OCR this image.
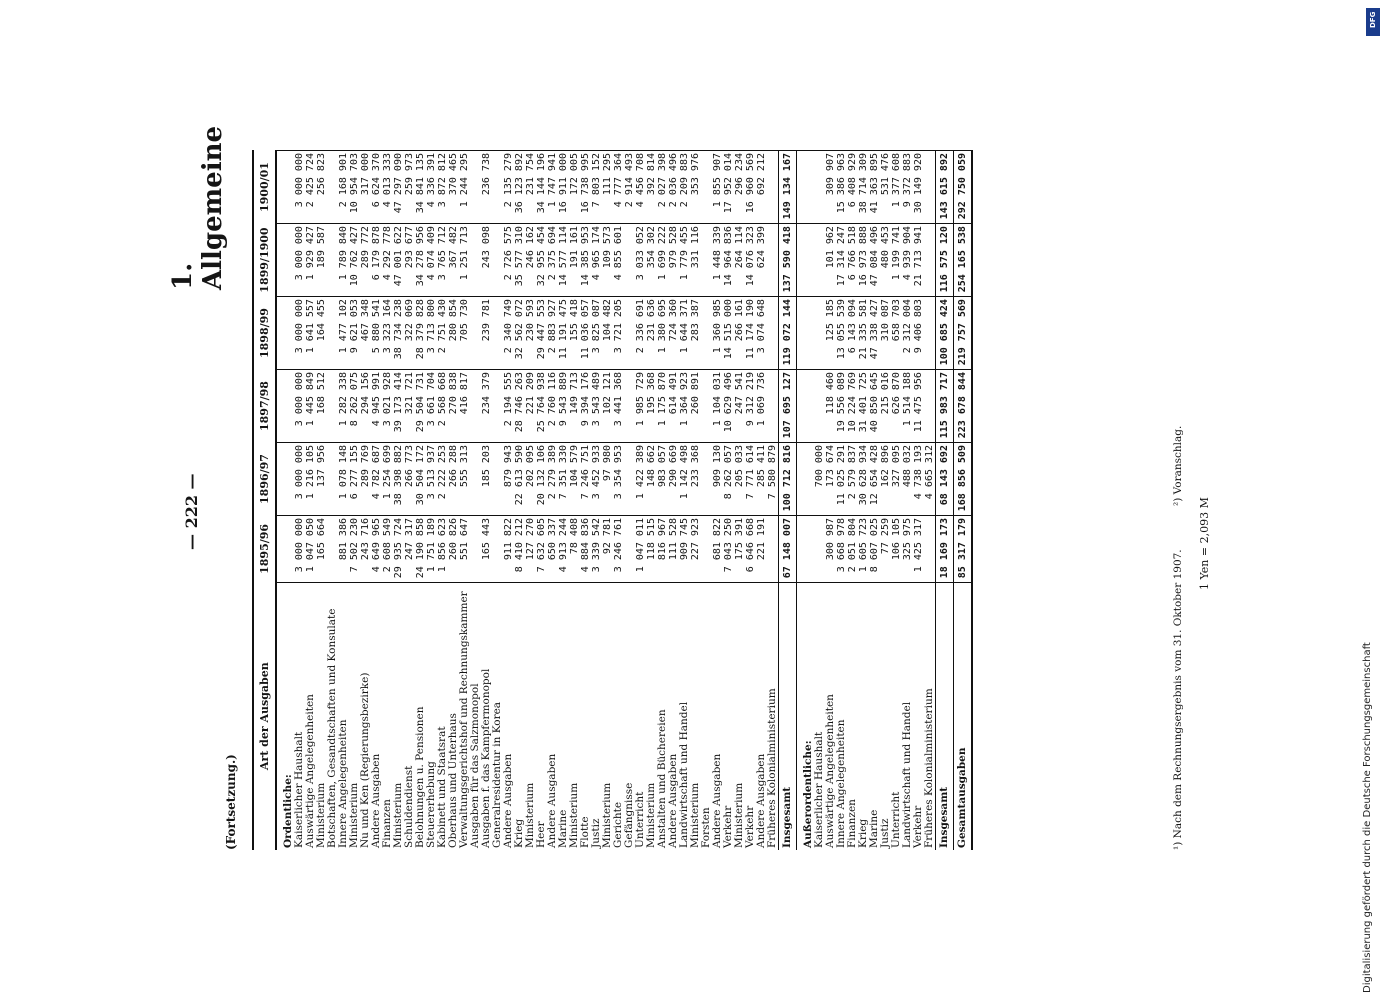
— 222 —
1. Allgemeine
(Fortsetzung.)
Art der Ausgaben	1895/96	1896/97	1897/98	1898/99	1899/1900	1900/01
Ordentliche:						
Kaiserlicher Haushalt	3 000 000	3 000 000	3 000 000	3 000 000	3 000 000	3 000 000
Auswärtige Angelegenheiten	1 047 050	1 216 105	1 445 849	1 641 557	1 929 427	2 425 724
Ministerium	165 664	137 956	168 512	164 455	189 587	256 823
Botschaften, Gesandtschaften und Konsulate						
Innere Angelegenheiten	881 386	1 078 148	1 282 338	1 477 102	1 789 840	2 168 901
Ministerium	7 502 230	6 277 155	8 262 075	9 621 053	10 762 427	10 954 703
Nu und Ken (Regierungsbezirke)	243 716	289 769	294 156	467 348	289 772	317 000
Andere Ausgaben	4 649 965	4 782 687	4 945 991	5 880 541	6 179 878	6 624 370
Finanzen	2 608 549	1 254 699	3 021 928	3 323 164	4 292 778	4 013 333
Ministerium	29 935 724	38 398 882	39 173 414	38 734 238	47 001 622	47 297 090
Schuldendienst	247 317	266 773	321 721	322 069	293 677	259 973
Belohnungen u. Pensionen	24 190 858	30 504 172	29 504 731	28 379 828	34 278 956	34 841 135
Steuererhebung	1 751 189	3 513 937	3 661 704	3 713 800	4 074 409	4 336 391
Kabinett und Staatsrat	1 856 623	2 222 253	2 568 668	2 751 430	3 765 712	3 872 812
Oberhaus und Unterhaus	260 826	266 288	270 838	280 854	367 482	370 465
Verwaltungsgerichtshof und Rechnungskammer	551 647	555 313	416 817	705 730	1 251 713	1 244 295
Ausgaben für das Salzmonopol						
Ausgaben f. das Kampfermonopol	165 443	185 203	234 379	239 781	243 098	236 738
Generalresidentur in Korea						
Andere Ausgaben	911 822	879 943	2 194 555	2 340 749	2 726 575	2 135 279
Krieg	8 410 212	22 613 590	28 746 263	32 562 072	35 577 310	36 123 892
Ministerium	127 270	202 095	221 209	230 593	246 162	231 754
Heer	7 632 605	20 132 106	25 764 938	29 447 553	32 955 454	34 144 196
Andere Ausgaben	650 337	2 279 389	2 760 116	2 883 927	2 375 694	1 747 941
Marine	4 913 244	7 351 330	9 543 889	11 191 475	14 577 114	16 911 000
Ministerium	78 408	104 579	149 713	155 418	191 161	172 005
Flotte	4 884 836	7 246 751	9 394 176	11 036 057	14 385 953	16 738 995
Justiz	3 339 542	3 452 933	3 543 489	3 825 087	4 965 174	7 803 152
Ministerium	92 781	97 980	102 121	104 482	109 573	111 295
Gerichte	3 246 761	3 354 953	3 441 368	3 721 205	4 855 601	4 777 364
Gefängnisse						2 914 493
Unterricht	1 047 011	1 422 389	1 985 729	2 336 691	3 033 052	4 456 708
Ministerium	118 515	148 662	195 368	231 636	354 302	392 814
Anstalten und Büchereien	816 967	983 057	1 175 870	1 380 695	1 699 222	2 027 398
Andere Ausgaben	111 528	290 669	614 491	724 360	979 528	2 036 496
Landwirtschaft und Handel	909 745	1 142 498	1 364 923	1 644 371	1 779 455	2 209 883
Ministerium	227 923	233 368	260 891	283 387	331 116	353 976
Forsten						
Andere Ausgaben	681 822	909 130	1 104 031	1 360 985	1 448 339	1 855 907
Verkehr	7 043 250	8 262 057	10 629 496	14 515 000	14 964 836	17 952 014
Ministerium	175 391	205 033	247 541	266 161	264 114	296 234
Verkehr	6 646 668	7 771 614	9 312 219	11 174 190	14 076 323	16 960 569
Andere Ausgaben	221 191	285 411	1 069 736	3 074 648	624 399	692 212
Früheres Kolonialministerium		7 580 879				
Insgesamt	67 148 007	100 712 816	107 695 127	119 072 144	137 590 418	149 134 167
Außerordentliche:						
Kaiserlicher Haushalt		700 000				
Auswärtige Angelegenheiten	300 987	173 674	118 460	125 185	101 962	309 907
Innere Angelegenheiten	3 668 978	11 025 291	19 556 089	13 055 539	17 314 247	15 386 963
Finanzen	2 051 804	2 579 837	10 224 769	6 143 094	6 766 518	6 408 929
Krieg	1 605 723	30 628 934	31 401 725	21 335 581	16 973 888	38 714 309
Marine	8 607 025	12 654 428	40 850 645	47 338 427	47 084 496	41 363 895
Justiz	77 259	162 896	215 016	310 087	480 453	531 476
Unterricht	106 105	327 095	626 870	658 703	1 199 741	1 377 608
Landwirtschaft und Handel	325 975	488 032	1 514 188	2 312 004	4 939 904	9 372 883
Verkehr	1 425 317	4 738 193	11 475 956	9 406 803	21 713 941	30 149 920
Früheres Kolonialministerium		4 665 312				
Insgesamt	18 169 173	68 143 692	115 983 717	100 685 424	116 575 120	143 615 892
Gesamtausgaben	85 317 179	168 856 509	223 678 844	219 757 569	254 165 538	292 750 059
¹) Nach dem Rechnungsergebnis vom 31. Oktober 1907. ²) Voranschlag.
1 Yen = 2,093 M
DFG
Digitalisierung gefördert durch die Deutsche Forschungsgemeinschaft
